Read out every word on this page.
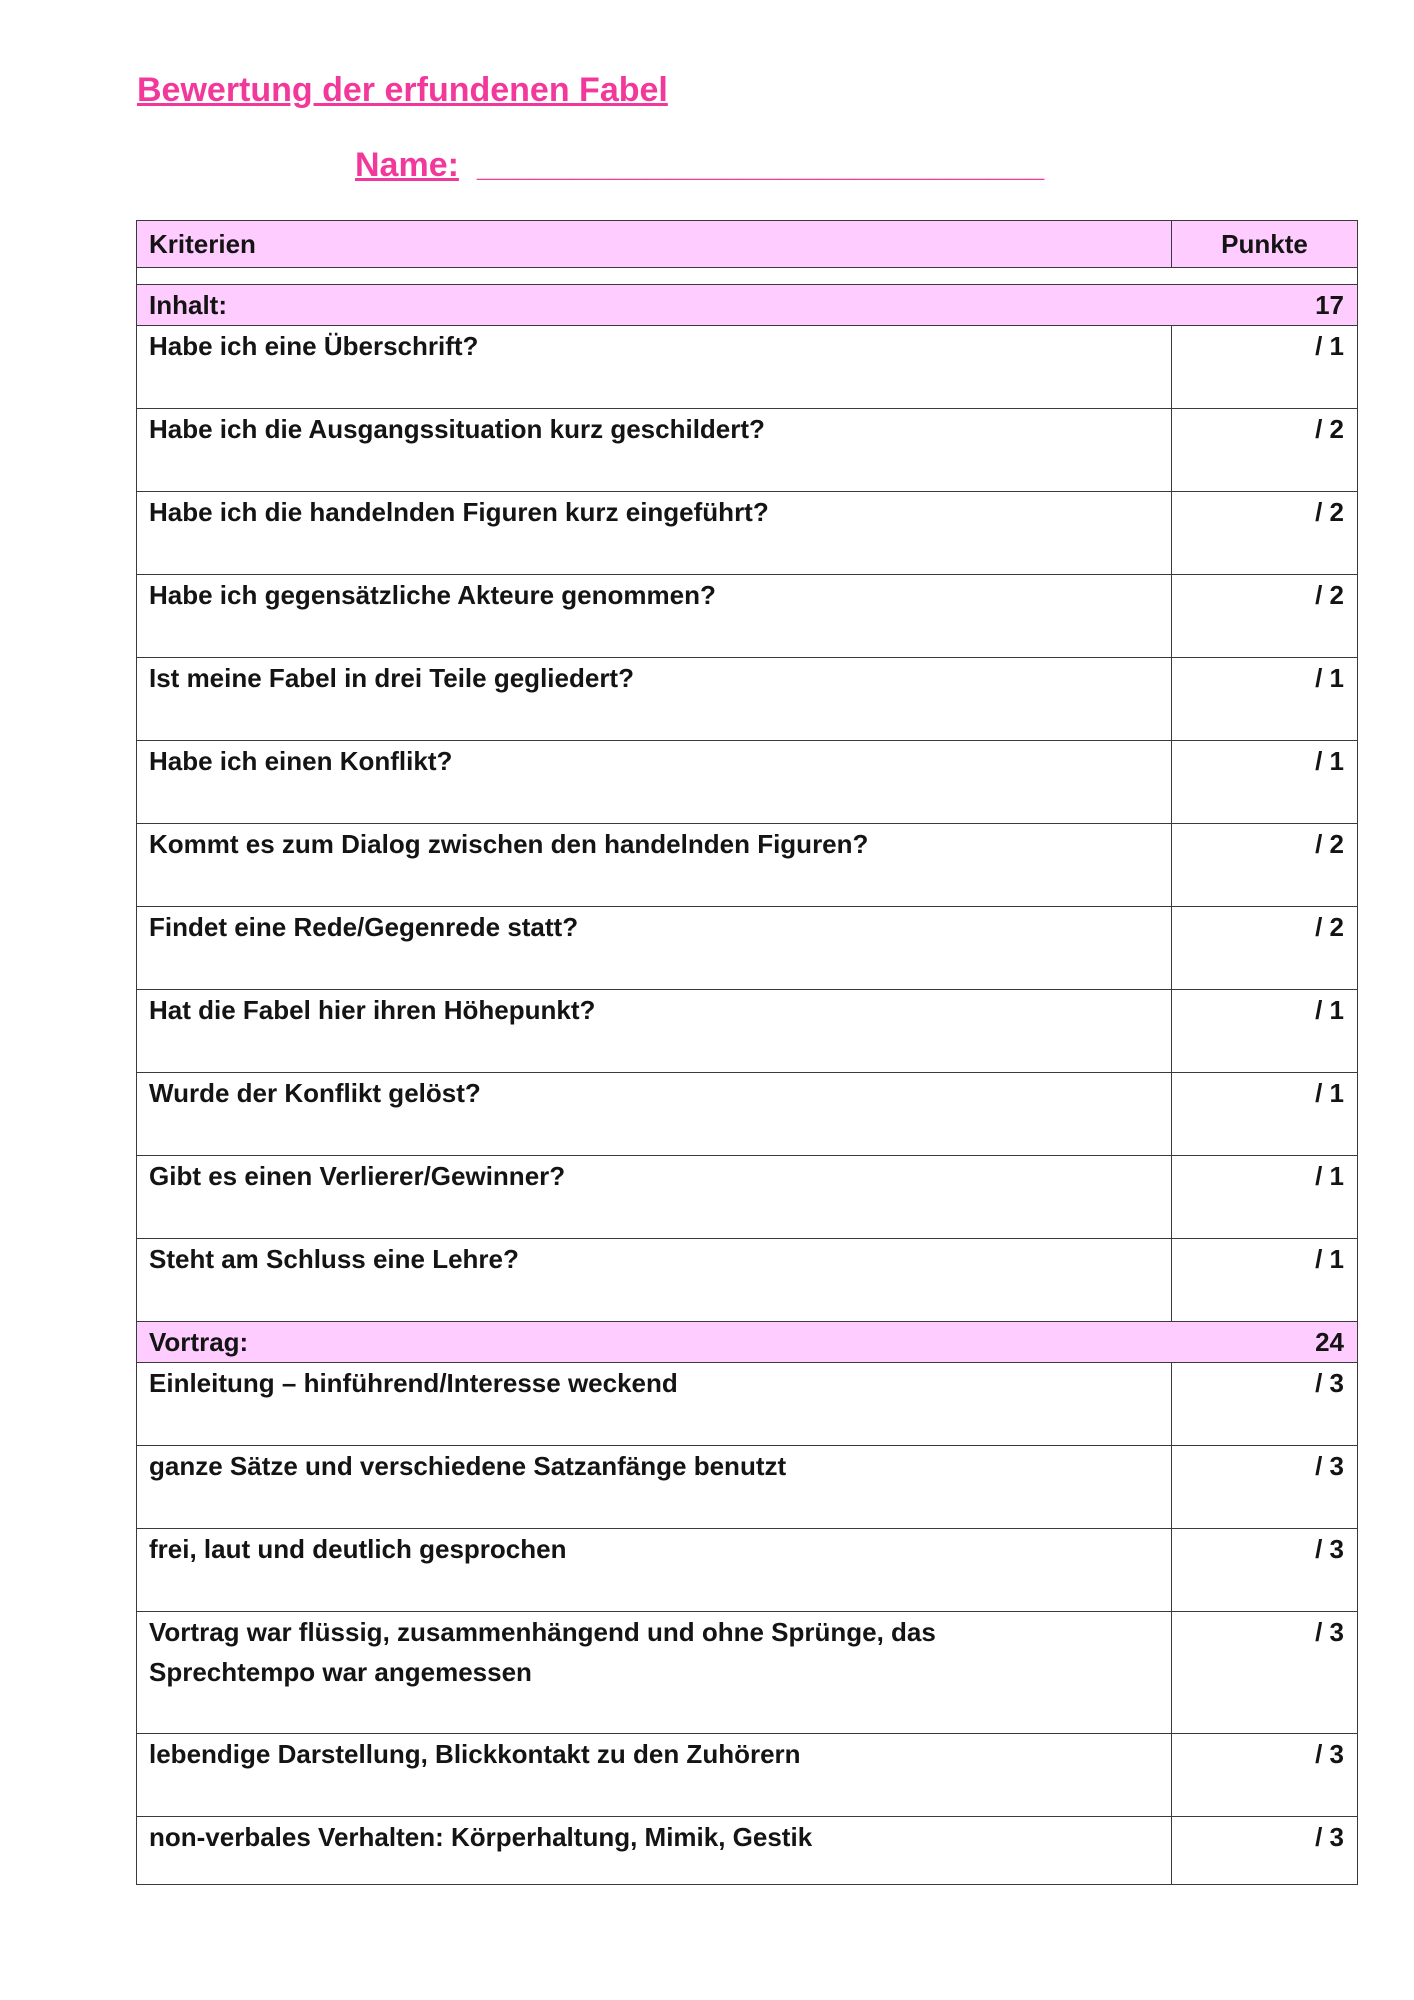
Bewertung der erfundenen Fabel
Name: ______________________________
Kriterien	Punkte

Inhalt: 17	

Habe ich eine Überschrift?	/ 1
Habe ich die Ausgangssituation kurz geschildert?	/ 2
Habe ich die handelnden Figuren kurz eingeführt?	/ 2
Habe ich gegensätzliche Akteure genommen?	/ 2
Ist meine Fabel in drei Teile gegliedert?	/ 1
Habe ich einen Konflikt?	/ 1
Kommt es zum Dialog zwischen den handelnden Figuren?	/ 2
Findet eine Rede/Gegenrede statt?	/ 2
Hat die Fabel hier ihren Höhepunkt?	/ 1
Wurde der Konflikt gelöst?	/ 1
Gibt es einen Verlierer/Gewinner?	/ 1
Steht am Schluss eine Lehre?	/ 1

Vortrag: 24	

Einleitung – hinführend/Interesse weckend	/ 3
ganze Sätze und verschiedene Satzanfänge benutzt	/ 3
frei, laut und deutlich gesprochen	/ 3
Vortrag war flüssig, zusammenhängend und ohne Sprünge, das
Sprechtempo war angemessen	/ 3
lebendige Darstellung, Blickkontakt zu den Zuhörern	/ 3
non-verbales Verhalten: Körperhaltung, Mimik, Gestik	/ 3
